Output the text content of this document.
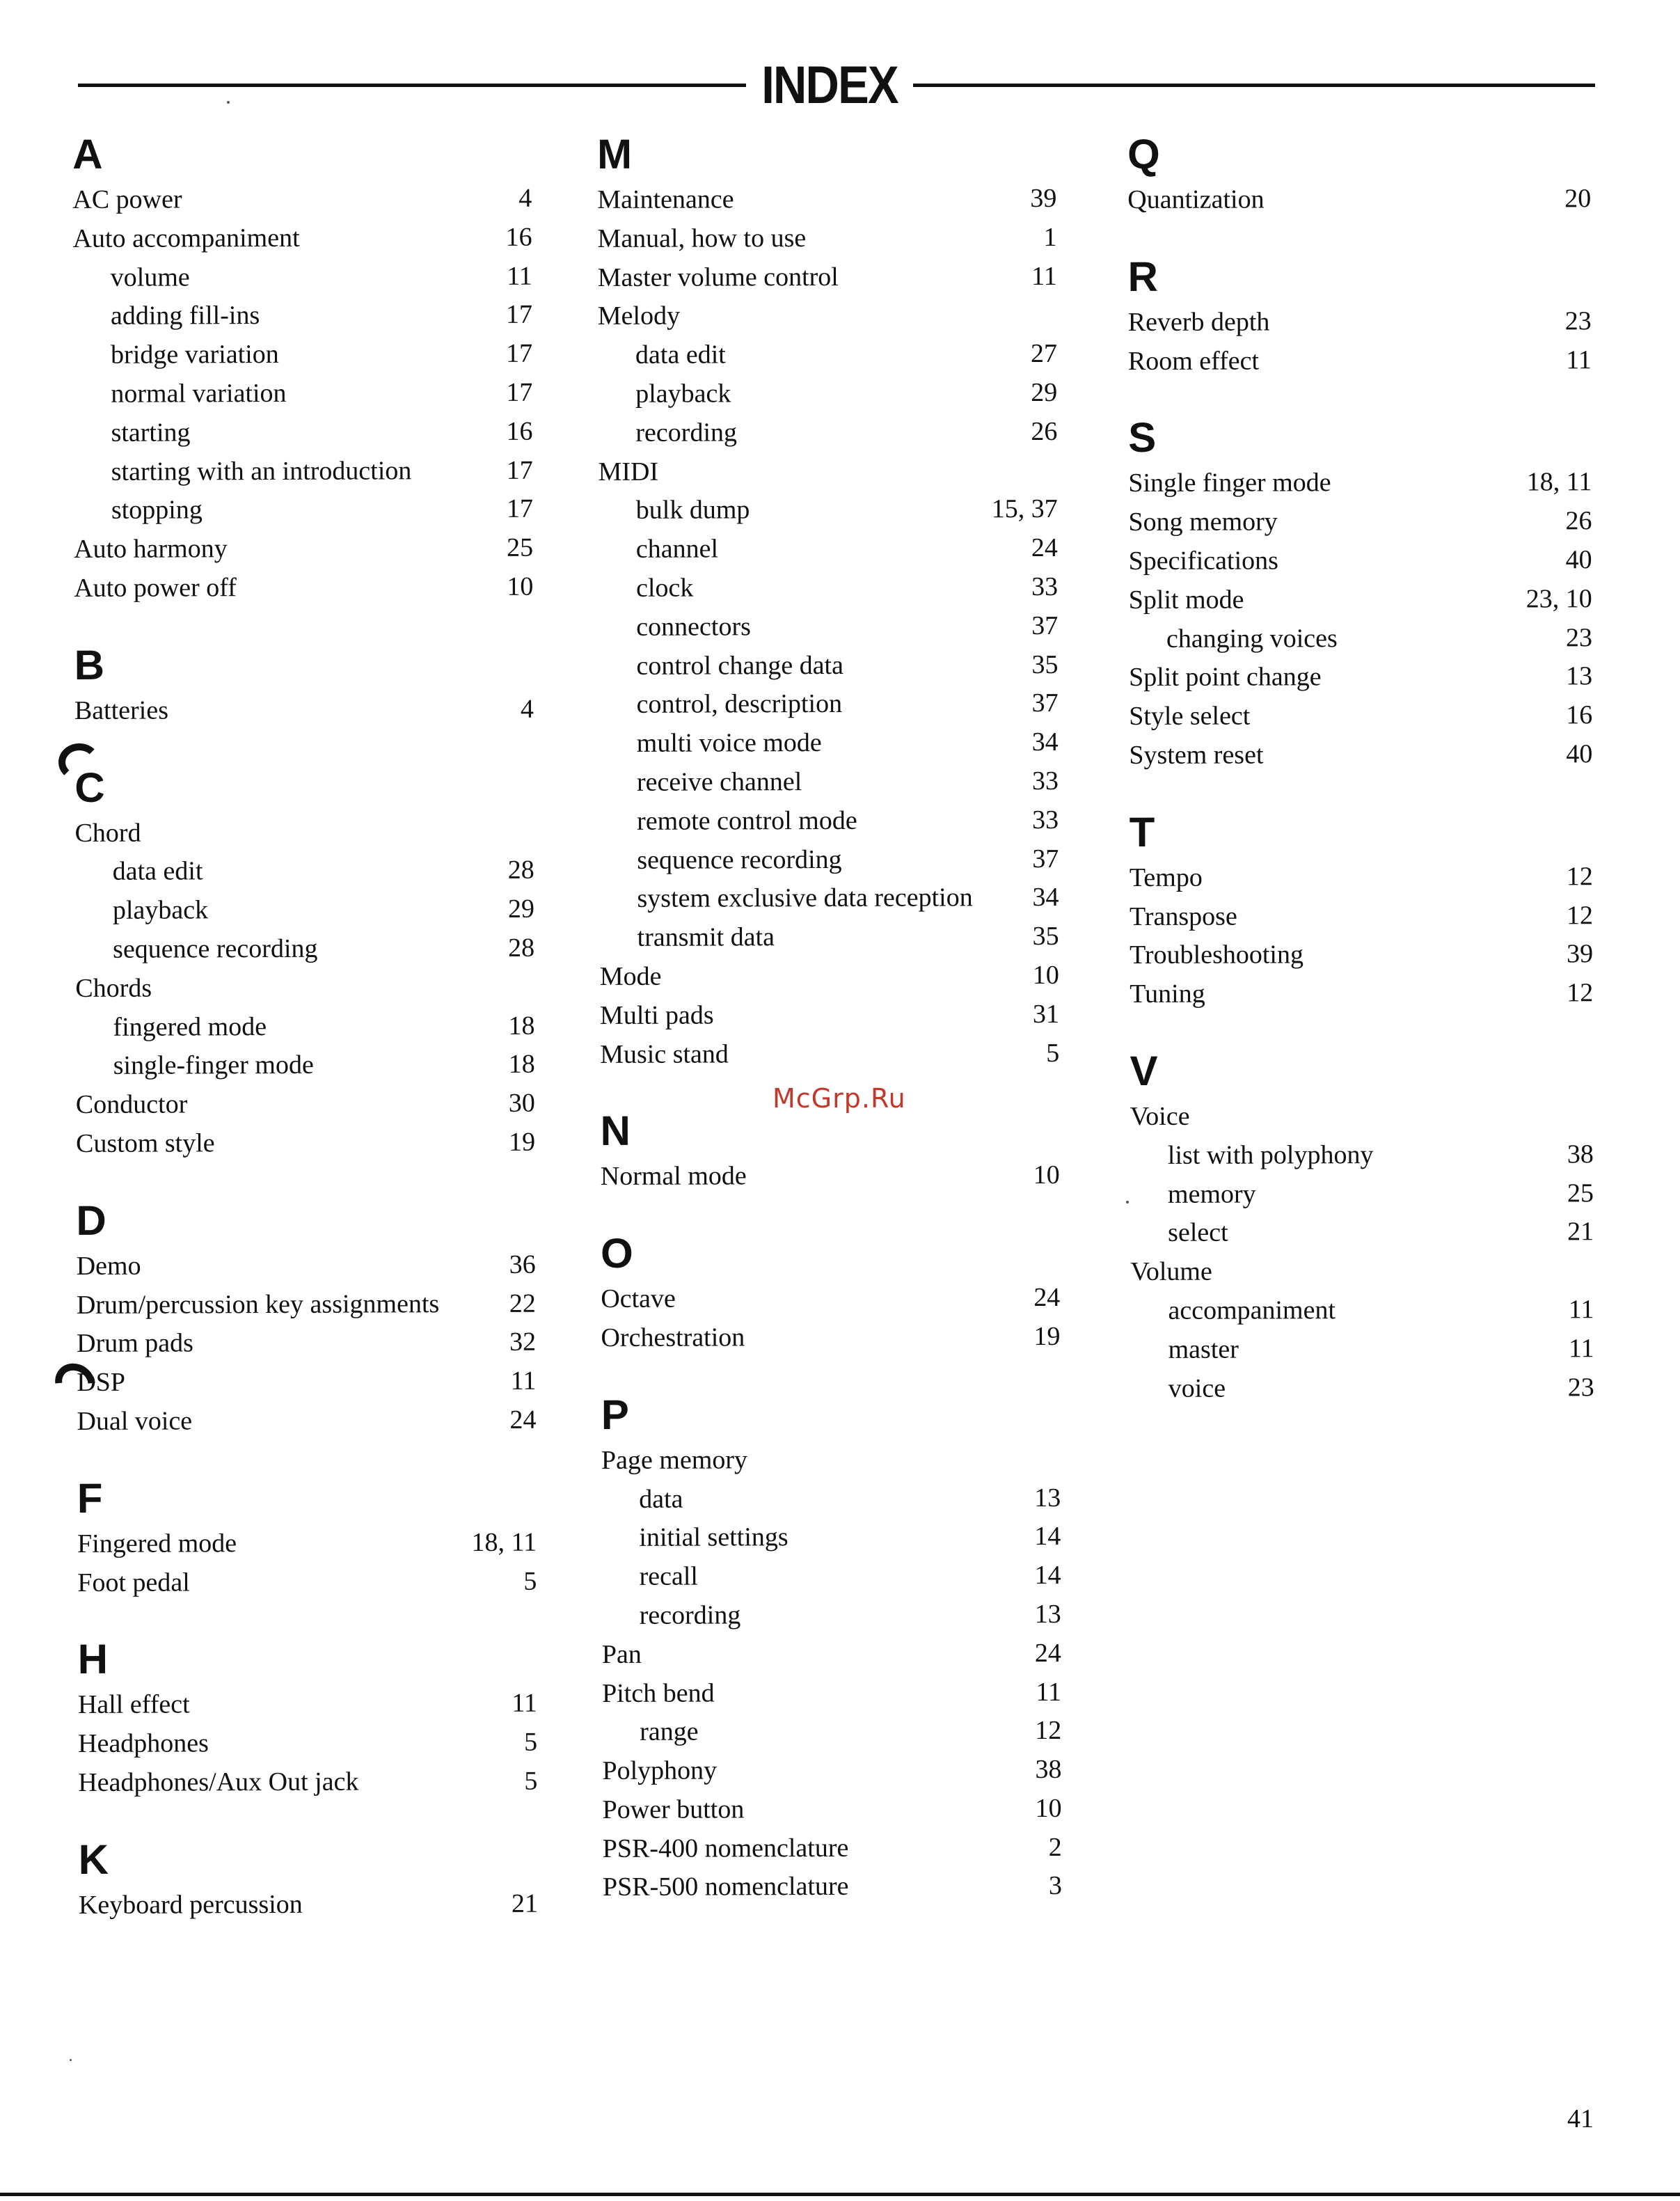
INDEX
A
AC power	4
Auto accompaniment	16
volume	11
adding fill-ins	17
bridge variation	17
normal variation	17
starting	16
starting with an introduction	17
stopping	17
Auto harmony	25
Auto power off	10
B
Batteries	4
C
Chord
data edit	28
playback	29
sequence recording	28
Chords
fingered mode	18
single-finger mode	18
Conductor	30
Custom style	19
D
Demo	36
Drum/percussion key assignments	22
Drum pads	32
DSP	11
Dual voice	24
F
Fingered mode	18, 11
Foot pedal	5
H
Hall effect	11
Headphones	5
Headphones/Aux Out jack	5
K
Keyboard percussion	21
M
Maintenance	39
Manual, how to use	1
Master volume control	11
Melody
data edit	27
playback	29
recording	26
MIDI
bulk dump	15, 37
channel	24
clock	33
connectors	37
control change data	35
control, description	37
multi voice mode	34
receive channel	33
remote control mode	33
sequence recording	37
system exclusive data reception 34
transmit data	35
Mode	10
Multi pads	31
Music stand	5
N
Normal mode	10
O
Octave	24
Orchestration	19
P
Page memory
data	13
initial settings	14
recall	14
recording	13
Pan	24
Pitch bend	11
range	12
Polyphony	38
Power button	10
PSR-400 nomenclature	2
PSR-500 nomenclature	3
Q
Quantization	20
R
Reverb depth	23
Room effect	11
S
Single finger mode	18, 11
Song memory	26
Specifications	40
Split mode	23, 10
changing voices	23
Split point change	13
Style select	16
System reset	40
T
Tempo	12
Transpose	12
Troubleshooting	39
Tuning	12
V
Voice
list with polyphony	38
memory	25
select	21
Volume
accompaniment	11
master	11
voice	23
McGrp.Ru
41
